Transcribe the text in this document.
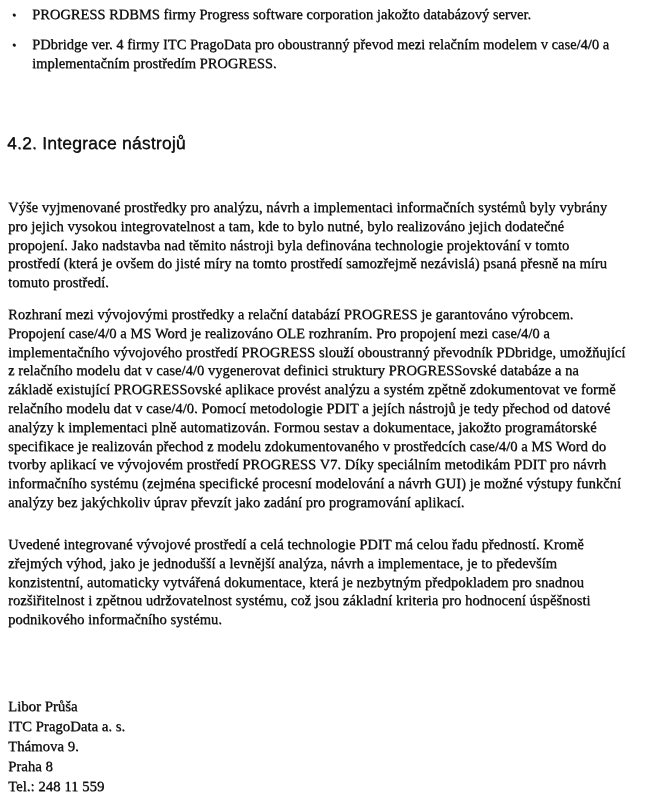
•	PROGRESS RDBMS firmy Progress software corporation jakožto databázový server.
•	PDbridge ver. 4 firmy ITC PragoData pro oboustranný převod mezi relačním modelem v case/4/0 a implementačním prostředím PROGRESS.
4.2. Integrace nástrojů

Výše vyjmenované prostředky pro analýzu, návrh a implementaci informačních systémů byly vybrány pro jejich vysokou integrovatelnost a tam, kde to bylo nutné, bylo realizováno jejich dodatečné propojení. Jako nadstavba nad těmito nástroji byla definována technologie projektování v tomto prostředí (která je ovšem do jisté míry na tomto prostředí samozřejmě nezávislá) psaná přesně na míru tomuto prostředí.

Rozhraní mezi vývojovými prostředky a relační databází PROGRESS je garantováno výrobcem. Propojení case/4/0 a MS Word je realizováno OLE rozhraním. Pro propojení mezi case/4/0 a implementačního vývojového prostředí PROGRESS slouží oboustranný převodník PDbridge, umožňující z relačního modelu dat v case/4/0 vygenerovat definici struktury PROGRESSovské databáze a na základě existující PROGRESSovské aplikace provést analýzu a systém zpětně zdokumentovat ve formě relačního modelu dat v case/4/0. Pomocí metodologie PDIT a jejích nástrojů je tedy přechod od datové analýzy k implementaci plně automatizován. Formou sestav a dokumentace, jakožto programátorské specifikace je realizován přechod z modelu zdokumentovaného v prostředcích case/4/0 a MS Word do tvorby aplikací ve vývojovém prostředí PROGRESS V7. Díky speciálním metodikám PDIT pro návrh informačního systému (zejména specifické procesní modelování a návrh GUI) je možné výstupy funkční analýzy bez jakýchkoliv úprav převzít jako zadání pro programování aplikací.

Uvedené integrované vývojové prostředí a celá technologie PDIT má celou řadu předností. Kromě zřejmých výhod, jako je jednodušší a levnější analýza, návrh a implementace, je to především konzistentní, automaticky vytvářená dokumentace, která je nezbytným předpokladem pro snadnou rozšiřitelnost i zpětnou udržovatelnost systému, což jsou základní kriteria pro hodnocení úspěšnosti podnikového informačního systému.

Libor Průša
ITC PragoData a. s.
Thámova 9.
Praha 8
Tel.: 248 11 559
